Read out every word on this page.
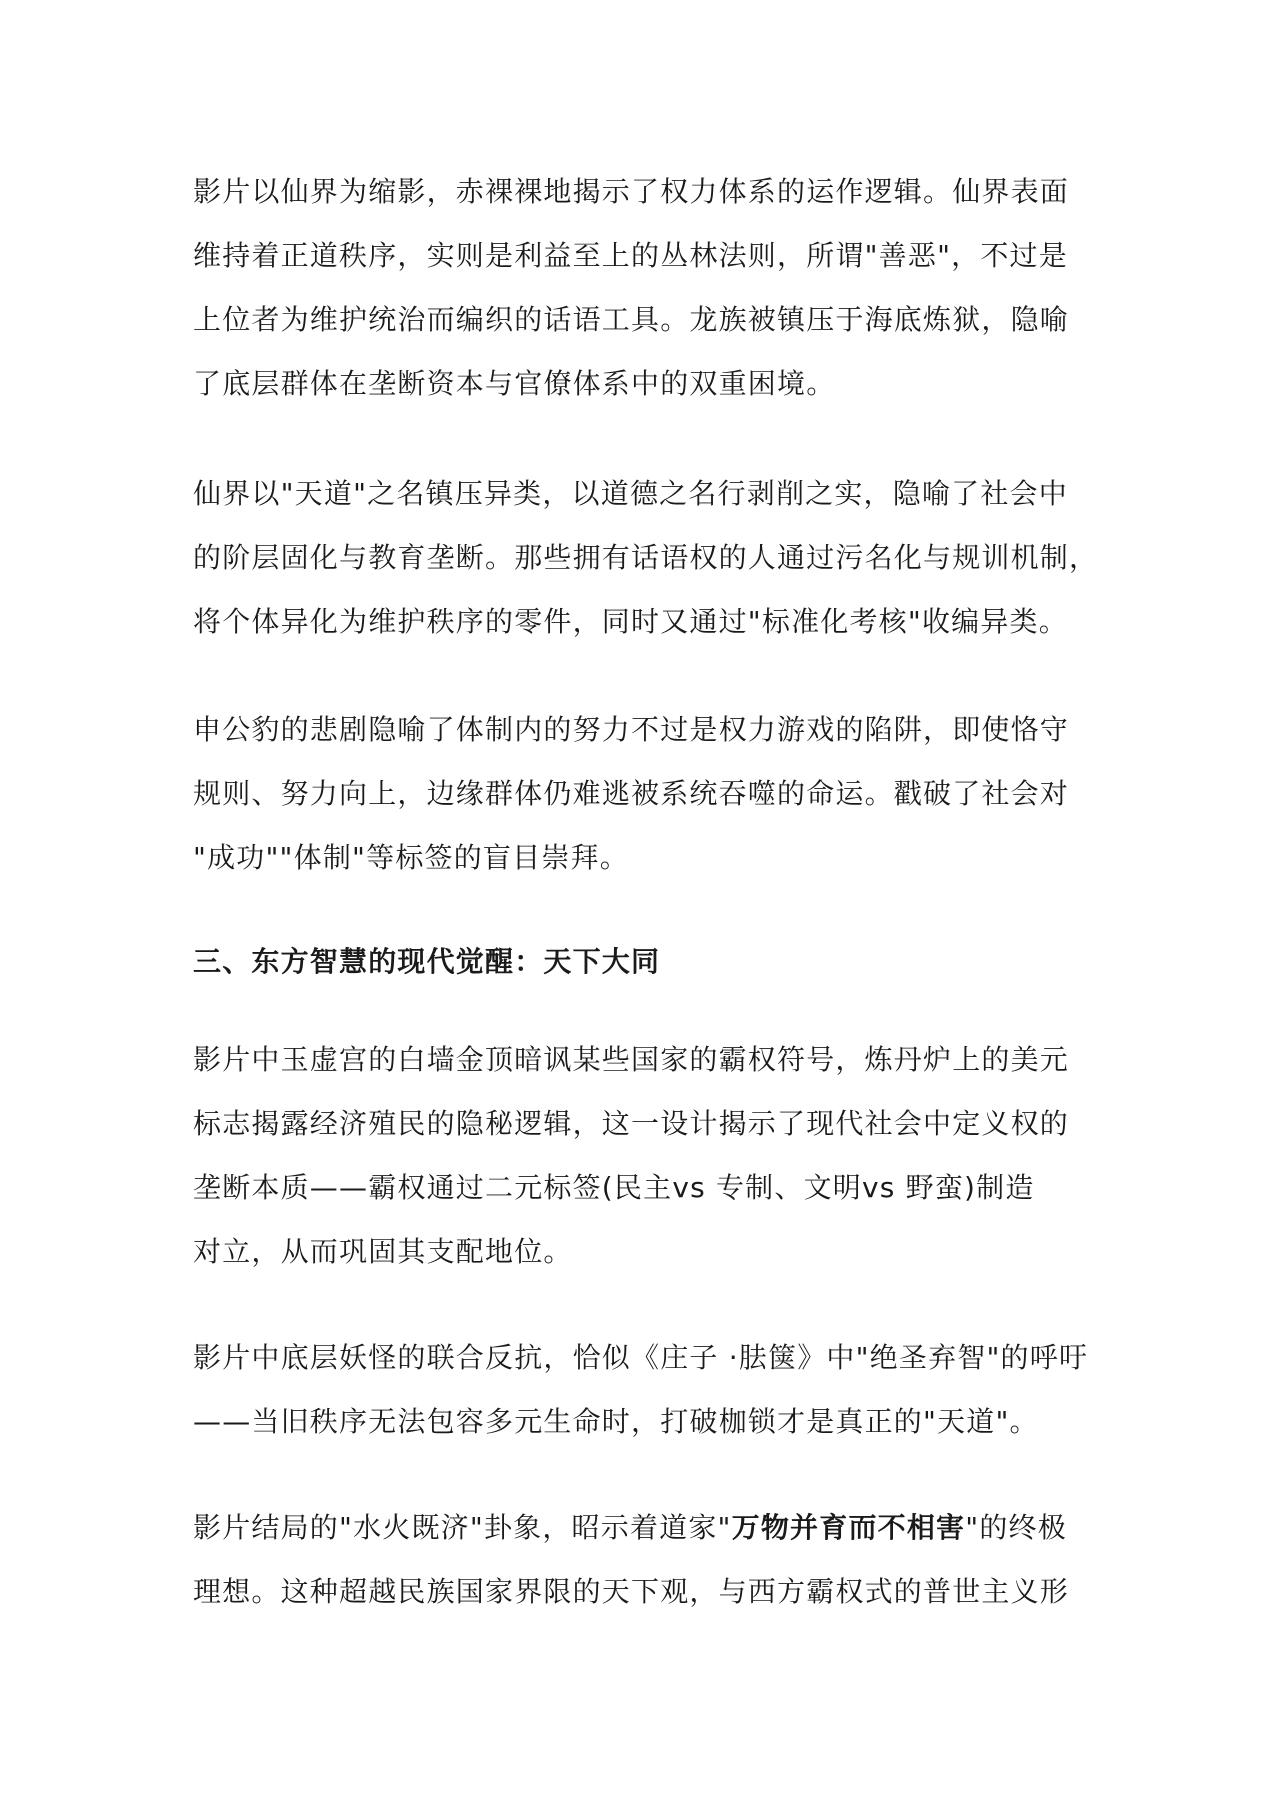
影片以仙界为缩影，赤裸裸地揭示了权力体系的运作逻辑。仙界表面
维持着正道秩序，实则是利益至上的丛林法则，所谓"善恶"，不过是
上位者为维护统治而编织的话语工具。龙族被镇压于海底炼狱，隐喻
了底层群体在垄断资本与官僚体系中的双重困境。
仙界以"天道"之名镇压异类，以道德之名行剥削之实，隐喻了社会中
的阶层固化与教育垄断。那些拥有话语权的人通过污名化与规训机制，
将个体异化为维护秩序的零件，同时又通过"标准化考核"收编异类。
申公豹的悲剧隐喻了体制内的努力不过是权力游戏的陷阱，即使恪守
规则、努力向上，边缘群体仍难逃被系统吞噬的命运。戳破了社会对
"成功""体制"等标签的盲目崇拜。
三、东方智慧的现代觉醒：天下大同
影片中玉虚宫的白墙金顶暗讽某些国家的霸权符号，炼丹炉上的美元
标志揭露经济殖民的隐秘逻辑，这一设计揭示了现代社会中定义权的
垄断本质——霸权通过二元标签(民主vs 专制、文明vs 野蛮)制造
对立，从而巩固其支配地位。
影片中底层妖怪的联合反抗，恰似《庄子 ·胠箧》中"绝圣弃智"的呼吁
——当旧秩序无法包容多元生命时，打破枷锁才是真正的"天道"。
影片结局的"水火既济"卦象，昭示着道家"万物并育而不相害"的终极
理想。这种超越民族国家界限的天下观，与西方霸权式的普世主义形
